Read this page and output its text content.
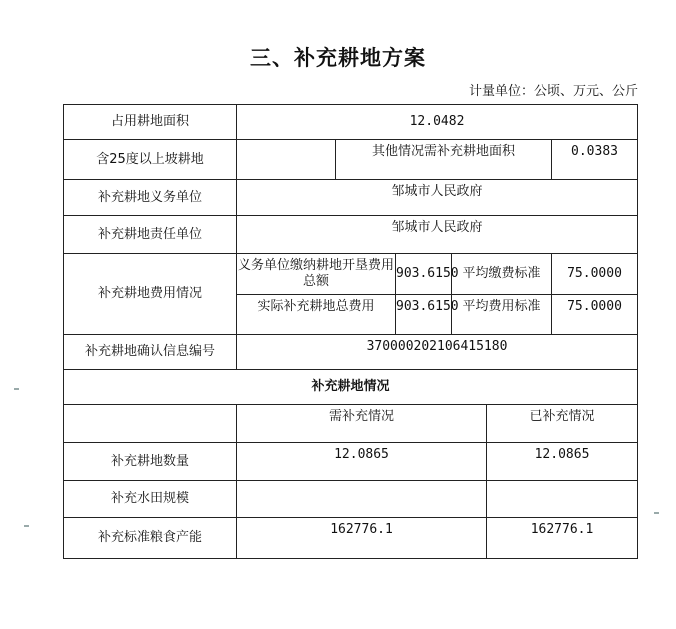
三、补充耕地方案
计量单位：公顷、万元、公斤
占用耕地面积	12.0482					
含25度以上坡耕地		其他情况需补充耕地面积				0.0383
补充耕地义务单位	邹城市人民政府					
补充耕地责任单位	邹城市人民政府					
补充耕地费用情况	义务单位缴纳耕地开垦费用总额		903.6150	平均缴费标准		75.0000
	实际补充耕地总费用		903.6150	平均费用标准		75.0000
补充耕地确认信息编号	370000202106415180					
补充耕地情况						
	需补充情况				已补充情况	
补充耕地数量	12.0865				12.0865	
补充水田规模						
补充标准粮食产能	162776.1				162776.1	
